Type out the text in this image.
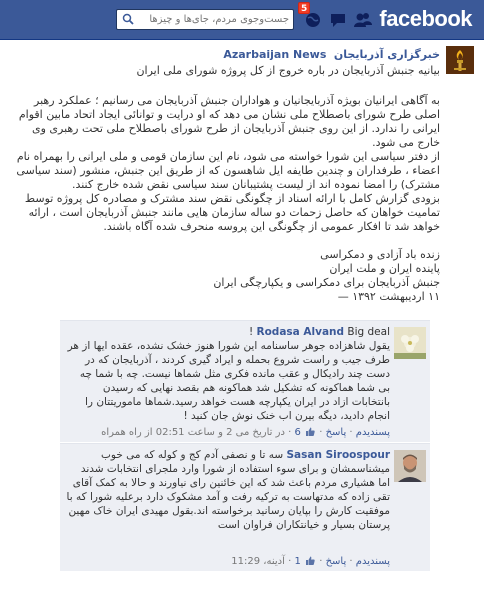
facebook
5
جست‌وجوی مردم، جای‌ها و چیزها
خبرگزاری آذربایجان Azarbaijan News
بیانیه جنبش آذربایجان در باره خروج از کل پروژه شورای ملی ایران

به آگاهی ایرانیان بویژه آذربایجانیان و هواداران جنبش آذربایجان می رسانیم ؛ عملکرد رهبر اصلی طرح شورای باصطلاح ملی نشان می دهد که او درایت و توانائی ایجاد اتحاد مابین اقوام ایرانی را ندارد. از این روی جنبش آذربایجان از طرح شورای باصطلاح ملی تحت رهبری وی خارج می شود.

از دفتر سیاسی این شورا خواسته می شود، نام این سازمان قومی و ملی ایرانی را بهمراه نام اعضاء ، طرفداران و چندین طایفه ایل شاهسون که از طریق این جنبش، منشور (سند سیاسی مشترک) را امضا نموده اند از لیست پشتیبانان سند سیاسی نقض شده خارج کنند.

بزودی گزارش کامل با ارائه اسناد از چگونگی نقض سند مشترک و مصادره کل پروژه توسط تمامیت خواهان که حاصل زحمات دو ساله سازمان هایی مانند جنبش آذربایجان است ، ارائه خواهد شد تا افکار عمومی از چگونگی این پروسه منحرف شده آگاه باشند.

زنده باد آزادی و دمکراسی

پاینده ایران و ملت ایران

جنبش آذربایجان برای دمکراسی و یکپارچگی ایران

۱۱ اردیبهشت ۱۳۹۲ —

Rodasa Alvand Big deal !
یقول شاهزاده جوهر ساسنامه این شورا هنوز خشک نشده، عقده ایها از هر طرف جیب و راست شروع بحمله و ایراد گیری کردند ، آذربایجان که در دست چند رادیکال و عقب مانده فکری مثل شماها نیست. چه با شما چه بی شما هماکونه که تشکیل شد هماکونه هم بقصد نهایی که رسیدن بانتخابات ازاد در ایران یکپارچه هست خواهد رسید.شماها ماموریتتان را انجام دادید، دیگه بیرن اب خنک نوش جان کنید !
پسندیدم · پاسخ ·  6 · در تاریخ می 2 و ساعت 02:51 از راه همراه
Sasan Siroospour سه تا و نصفی آدم کج و کوله که می خوب میشناسمشان و برای سوء استفاده از شورا وارد ملجرای انتخابات شدند اما هشیاری مردم باعث شد که این خائنین رای نیاورند و حالا به کمک آقای تقی زاده که مدتهاست به ترکیه رفت و آمد مشکوک دارد برعلیه شورا که با موفقیت کارش را بپایان رسانید برخواسته اند.بقول مهیدی ایران خاک مهین پرستان بسیار و خیانتکاران فراوان است
پسندیدم · پاسخ ·  1 · آدینه، 11:29
